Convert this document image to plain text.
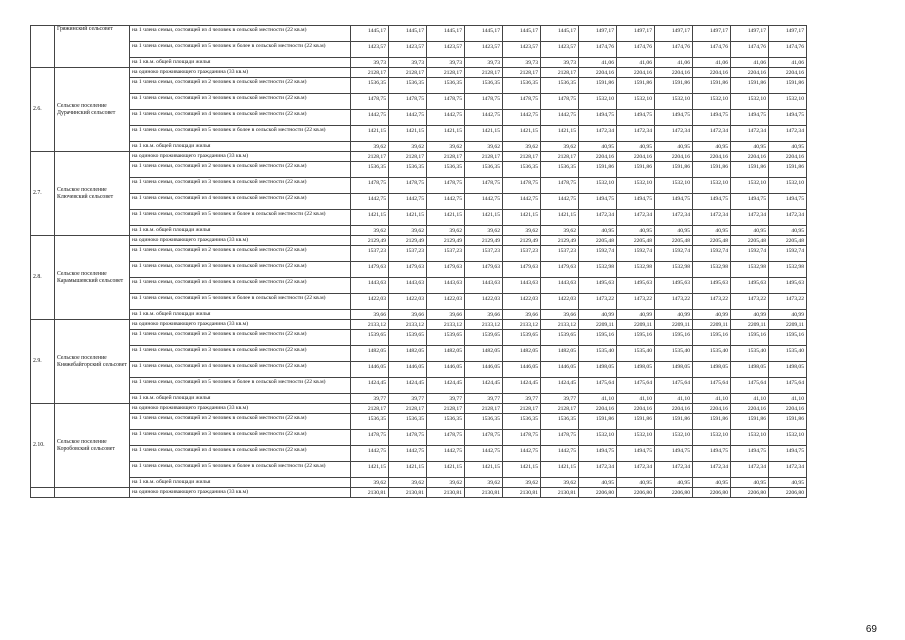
	Гряжинский сельсовет	на 1 члена семьи, состоящей из 4 человек в сельской местности (22 кв.м)	1445,17	1445,17	1445,17	1445,17	1445,17	1445,17	1497,17	1497,17	1497,17	1497,17	1497,17	1497,17
		на 1 члена семьи, состоящей из 5 человек и более в сельской местности (22 кв.м)	1423,57	1423,57	1423,57	1423,57	1423,57	1423,57	1474,76	1474,76	1474,76	1474,76	1474,76	1474,76
		на 1 кв.м. общей площади жилья	39,73	39,73	39,73	39,73	39,73	39,73	41,06	41,06	41,06	41,06	41,06	41,06
2.6.	Сельское поселение Дурачинский сельсовет	на одиноко проживающего гражданина (33 кв.м)	2128,17	2128,17	2128,17	2128,17	2128,17	2128,17	2204,16	2204,16	2204,16	2204,16	2204,16	2204,16
		на 1 члена семьи, состоящей из 2 человек в сельской местности (22 кв.м)	1536,35	1536,35	1536,35	1536,35	1536,35	1536,35	1591,86	1591,86	1591,86	1591,86	1591,86	1591,86
		на 1 члена семьи, состоящей из 3 человек в сельской местности (22 кв.м)	1478,75	1478,75	1478,75	1478,75	1478,75	1478,75	1532,10	1532,10	1532,10	1532,10	1532,10	1532,10
		на 1 члена семьи, состоящей из 4 человек в сельской местности (22 кв.м)	1442,75	1442,75	1442,75	1442,75	1442,75	1442,75	1494,75	1494,75	1494,75	1494,75	1494,75	1494,75
		на 1 члена семьи, состоящей из 5 человек и более в сельской местности (22 кв.м)	1421,15	1421,15	1421,15	1421,15	1421,15	1421,15	1472,34	1472,34	1472,34	1472,34	1472,34	1472,34
		на 1 кв.м. общей площади жилья	39,62	39,62	39,62	39,62	39,62	39,62	40,95	40,95	40,95	40,95	40,95	40,95
2.7.	Сельское поселение Ключевский сельсовет	на одиноко проживающего гражданина (33 кв.м)	2128,17	2128,17	2128,17	2128,17	2128,17	2128,17	2204,16	2204,16	2204,16	2204,16	2204,16	2204,16
		на 1 члена семьи, состоящей из 2 человек в сельской местности (22 кв.м)	1536,35	1536,35	1536,35	1536,35	1536,35	1536,35	1591,86	1591,86	1591,86	1591,86	1591,86	1591,86
		на 1 члена семьи, состоящей из 3 человек в сельской местности (22 кв.м)	1478,75	1478,75	1478,75	1478,75	1478,75	1478,75	1532,10	1532,10	1532,10	1532,10	1532,10	1532,10
		на 1 члена семьи, состоящей из 4 человек в сельской местности (22 кв.м)	1442,75	1442,75	1442,75	1442,75	1442,75	1442,75	1494,75	1494,75	1494,75	1494,75	1494,75	1494,75
		на 1 члена семьи, состоящей из 5 человек и более в сельской местности (22 кв.м)	1421,15	1421,15	1421,15	1421,15	1421,15	1421,15	1472,34	1472,34	1472,34	1472,34	1472,34	1472,34
		на 1 кв.м. общей площади жилья	39,62	39,62	39,62	39,62	39,62	39,62	40,95	40,95	40,95	40,95	40,95	40,95
2.8.	Сельское поселение Карамышевский сельсовет	на одиноко проживающего гражданина (33 кв.м)	2129,49	2129,49	2129,49	2129,49	2129,49	2129,49	2205,48	2205,48	2205,48	2205,48	2205,48	2205,48
		на 1 члена семьи, состоящей из 2 человек в сельской местности (22 кв.м)	1537,23	1537,23	1537,23	1537,23	1537,23	1537,23	1592,74	1592,74	1592,74	1592,74	1592,74	1592,74
		на 1 члена семьи, состоящей из 3 человек в сельской местности (22 кв.м)	1479,63	1479,63	1479,63	1479,63	1479,63	1479,63	1532,98	1532,98	1532,98	1532,98	1532,98	1532,98
		на 1 члена семьи, состоящей из 4 человек в сельской местности (22 кв.м)	1443,63	1443,63	1443,63	1443,63	1443,63	1443,63	1495,63	1495,63	1495,63	1495,63	1495,63	1495,63
		на 1 члена семьи, состоящей из 5 человек и более в сельской местности (22 кв.м)	1422,03	1422,03	1422,03	1422,03	1422,03	1422,03	1473,22	1473,22	1473,22	1473,22	1473,22	1473,22
		на 1 кв.м. общей площади жилья	39,66	39,66	39,66	39,66	39,66	39,66	40,99	40,99	40,99	40,99	40,99	40,99
2.9.	Сельское поселение Княжебайгорский сельсовет	на одиноко проживающего гражданина (33 кв.м)	2133,12	2133,12	2133,12	2133,12	2133,12	2133,12	2209,11	2209,11	2209,11	2209,11	2209,11	2209,11
		на 1 члена семьи, состоящей из 2 человек в сельской местности (22 кв.м)	1539,65	1539,65	1539,65	1539,65	1539,65	1539,65	1595,16	1595,16	1595,16	1595,16	1595,16	1595,16
		на 1 члена семьи, состоящей из 3 человек в сельской местности (22 кв.м)	1482,05	1482,05	1482,05	1482,05	1482,05	1482,05	1535,40	1535,40	1535,40	1535,40	1535,40	1535,40
		на 1 члена семьи, состоящей из 4 человек в сельской местности (22 кв.м)	1446,05	1446,05	1446,05	1446,05	1446,05	1446,05	1498,05	1498,05	1498,05	1498,05	1498,05	1498,05
		на 1 члена семьи, состоящей из 5 человек и более в сельской местности (22 кв.м)	1424,45	1424,45	1424,45	1424,45	1424,45	1424,45	1475,64	1475,64	1475,64	1475,64	1475,64	1475,64
		на 1 кв.м. общей площади жилья	39,77	39,77	39,77	39,77	39,77	39,77	41,10	41,10	41,10	41,10	41,10	41,10
2.10.	Сельское поселение Коробовский сельсовет	на одиноко проживающего гражданина (33 кв.м)	2128,17	2128,17	2128,17	2128,17	2128,17	2128,17	2204,16	2204,16	2204,16	2204,16	2204,16	2204,16
		на 1 члена семьи, состоящей из 2 человек в сельской местности (22 кв.м)	1536,35	1536,35	1536,35	1536,35	1536,35	1536,35	1591,86	1591,86	1591,86	1591,86	1591,86	1591,86
		на 1 члена семьи, состоящей из 3 человек в сельской местности (22 кв.м)	1478,75	1478,75	1478,75	1478,75	1478,75	1478,75	1532,10	1532,10	1532,10	1532,10	1532,10	1532,10
		на 1 члена семьи, состоящей из 4 человек в сельской местности (22 кв.м)	1442,75	1442,75	1442,75	1442,75	1442,75	1442,75	1494,75	1494,75	1494,75	1494,75	1494,75	1494,75
		на 1 члена семьи, состоящей из 5 человек и более в сельской местности (22 кв.м)	1421,15	1421,15	1421,15	1421,15	1421,15	1421,15	1472,34	1472,34	1472,34	1472,34	1472,34	1472,34
		на 1 кв.м. общей площади жилья	39,62	39,62	39,62	39,62	39,62	39,62	40,95	40,95	40,95	40,95	40,95	40,95
		на одиноко проживающего гражданина (33 кв.м)	2130,81	2130,81	2130,81	2130,81	2130,81	2130,81	2206,80	2206,80	2206,80	2206,80	2206,80	2206,80
69
